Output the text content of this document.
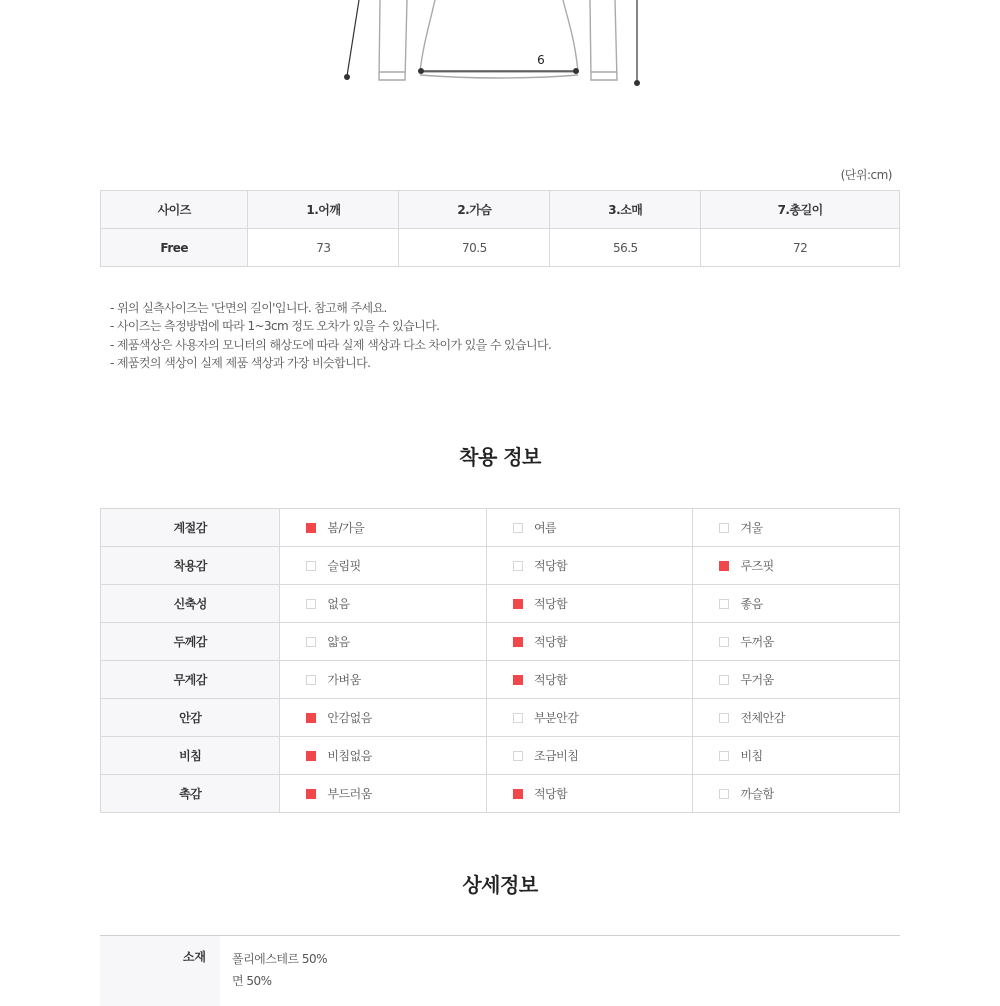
6
(단위:cm)
사이즈	1.어깨	2.가슴	3.소매	7.총길이
Free	73	70.5	56.5	72
- 위의 실측사이즈는 '단면의 길이'입니다. 참고해 주세요.
- 사이즈는 측정방법에 따라 1~3cm 정도 오차가 있을 수 있습니다.
- 제품색상은 사용자의 모니터의 해상도에 따라 실제 색상과 다소 차이가 있을 수 있습니다.
- 제품컷의 색상이 실제 제품 색상과 가장 비슷합니다.
착용 정보
계절감	봄/가을	여름	겨울
착용감	슬림핏	적당함	루즈핏
신축성	없음	적당함	좋음
두께감	얇음	적당함	두꺼움
무게감	가벼움	적당함	무거움
안감	안감없음	부분안감	전체안감
비침	비침없음	조금비침	비침
촉감	부드러움	적당함	까슬함
상세정보
소재 폴리에스테르 50%
면 50%
